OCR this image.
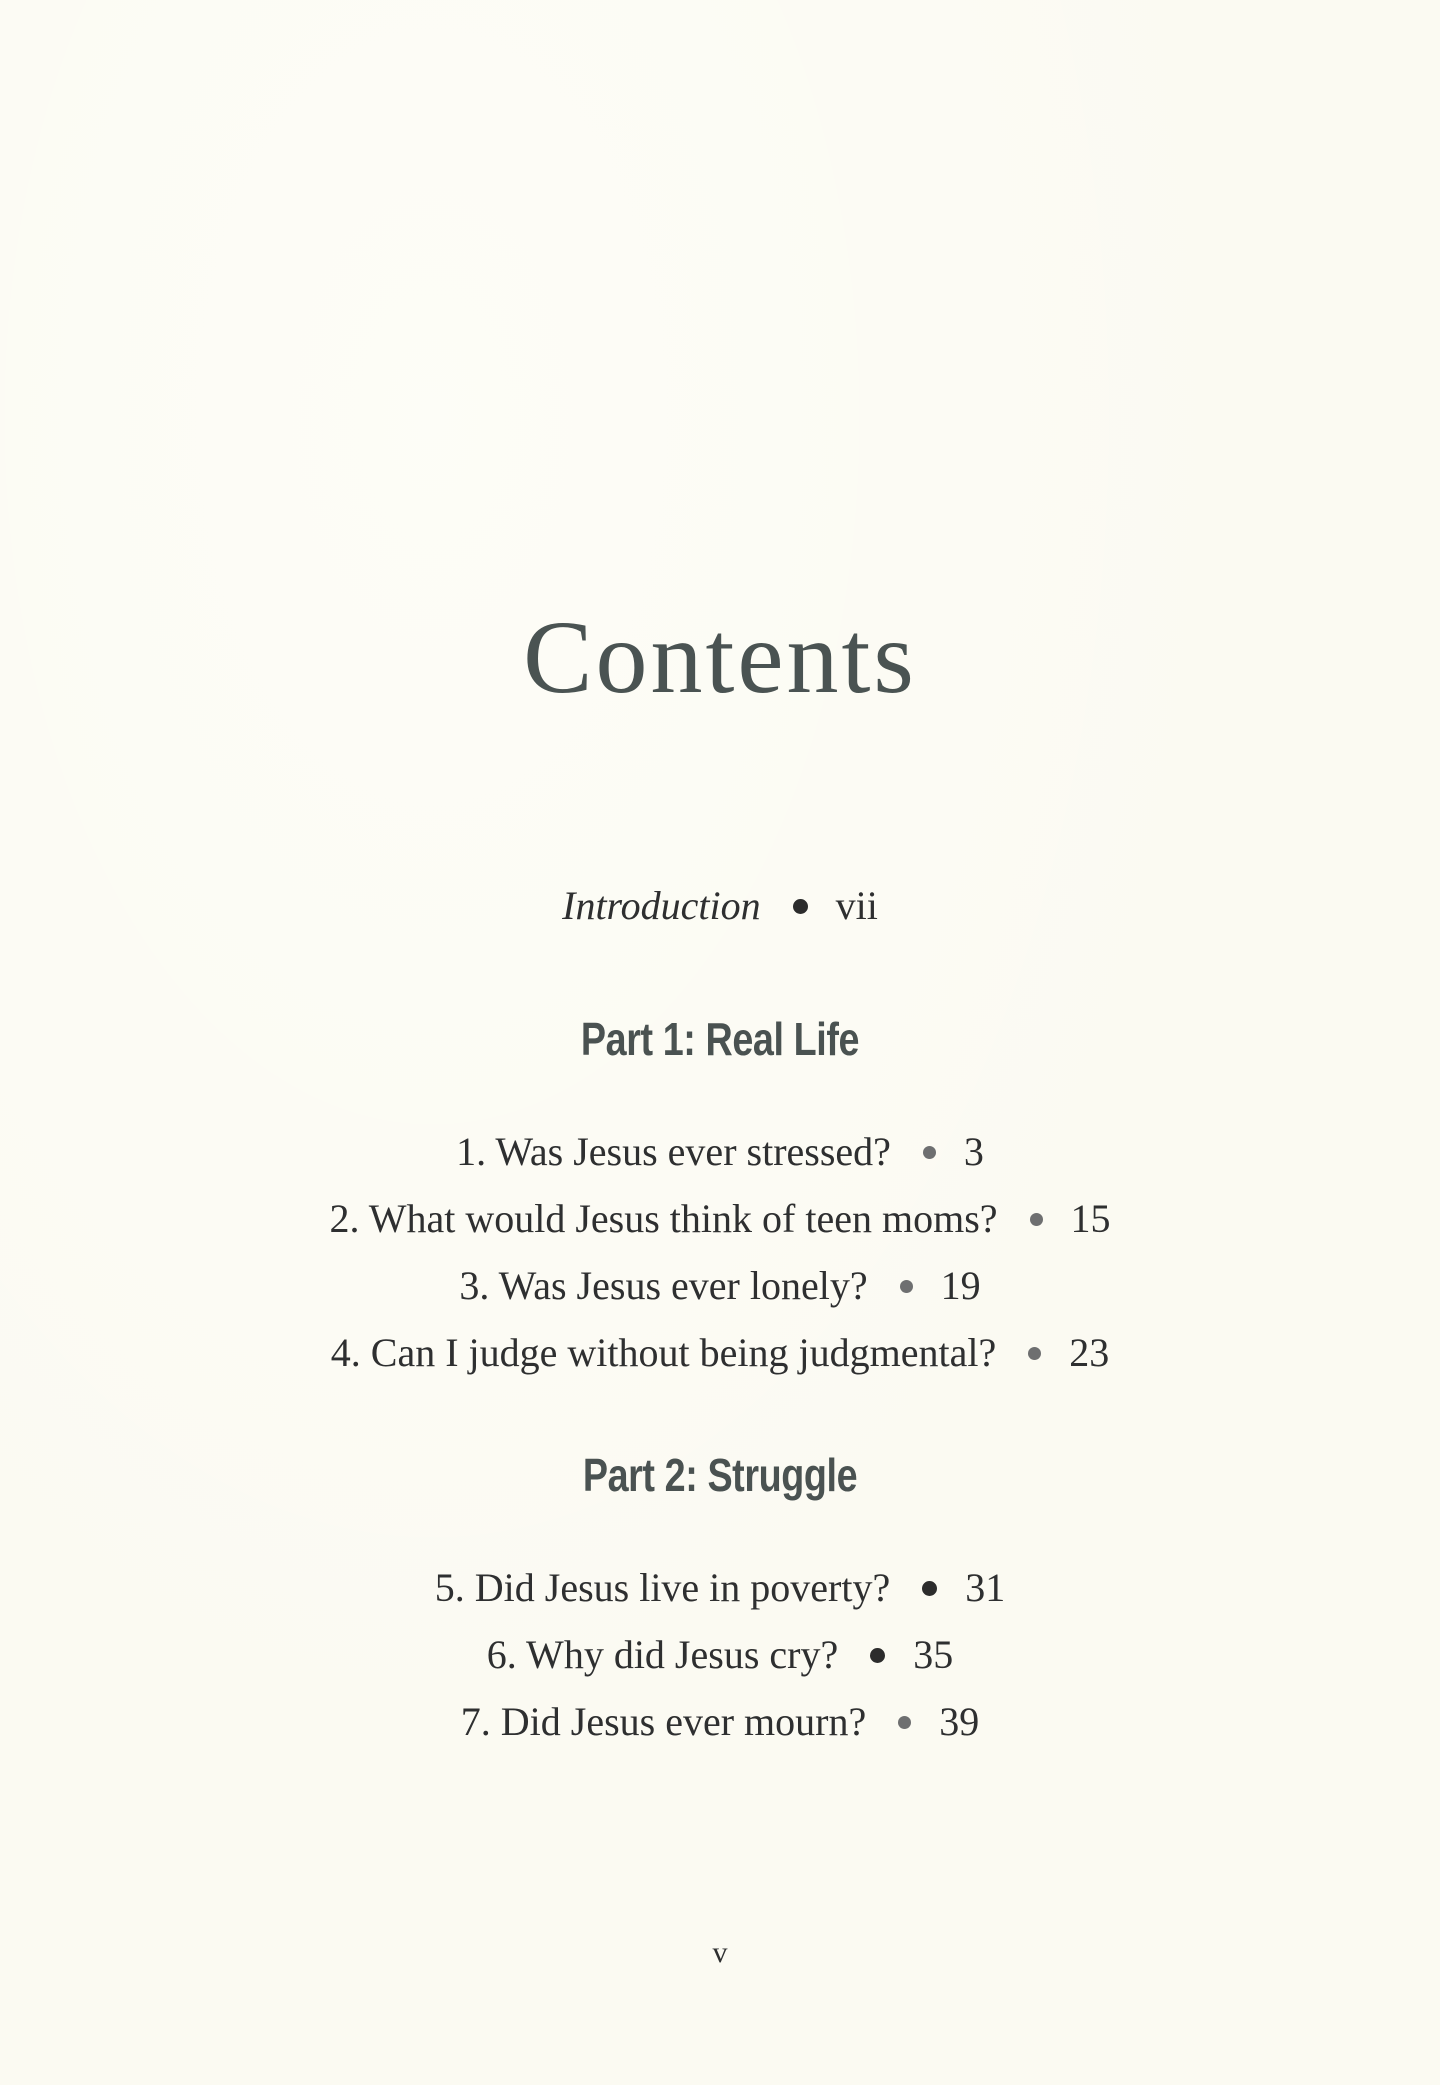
Contents
Introduction vii
Part 1: Real Life
1. Was Jesus ever stressed? 3
2. What would Jesus think of teen moms? 15
3. Was Jesus ever lonely? 19
4. Can I judge without being judgmental? 23
Part 2: Struggle
5. Did Jesus live in poverty? 31
6. Why did Jesus cry? 35
7. Did Jesus ever mourn? 39
v
